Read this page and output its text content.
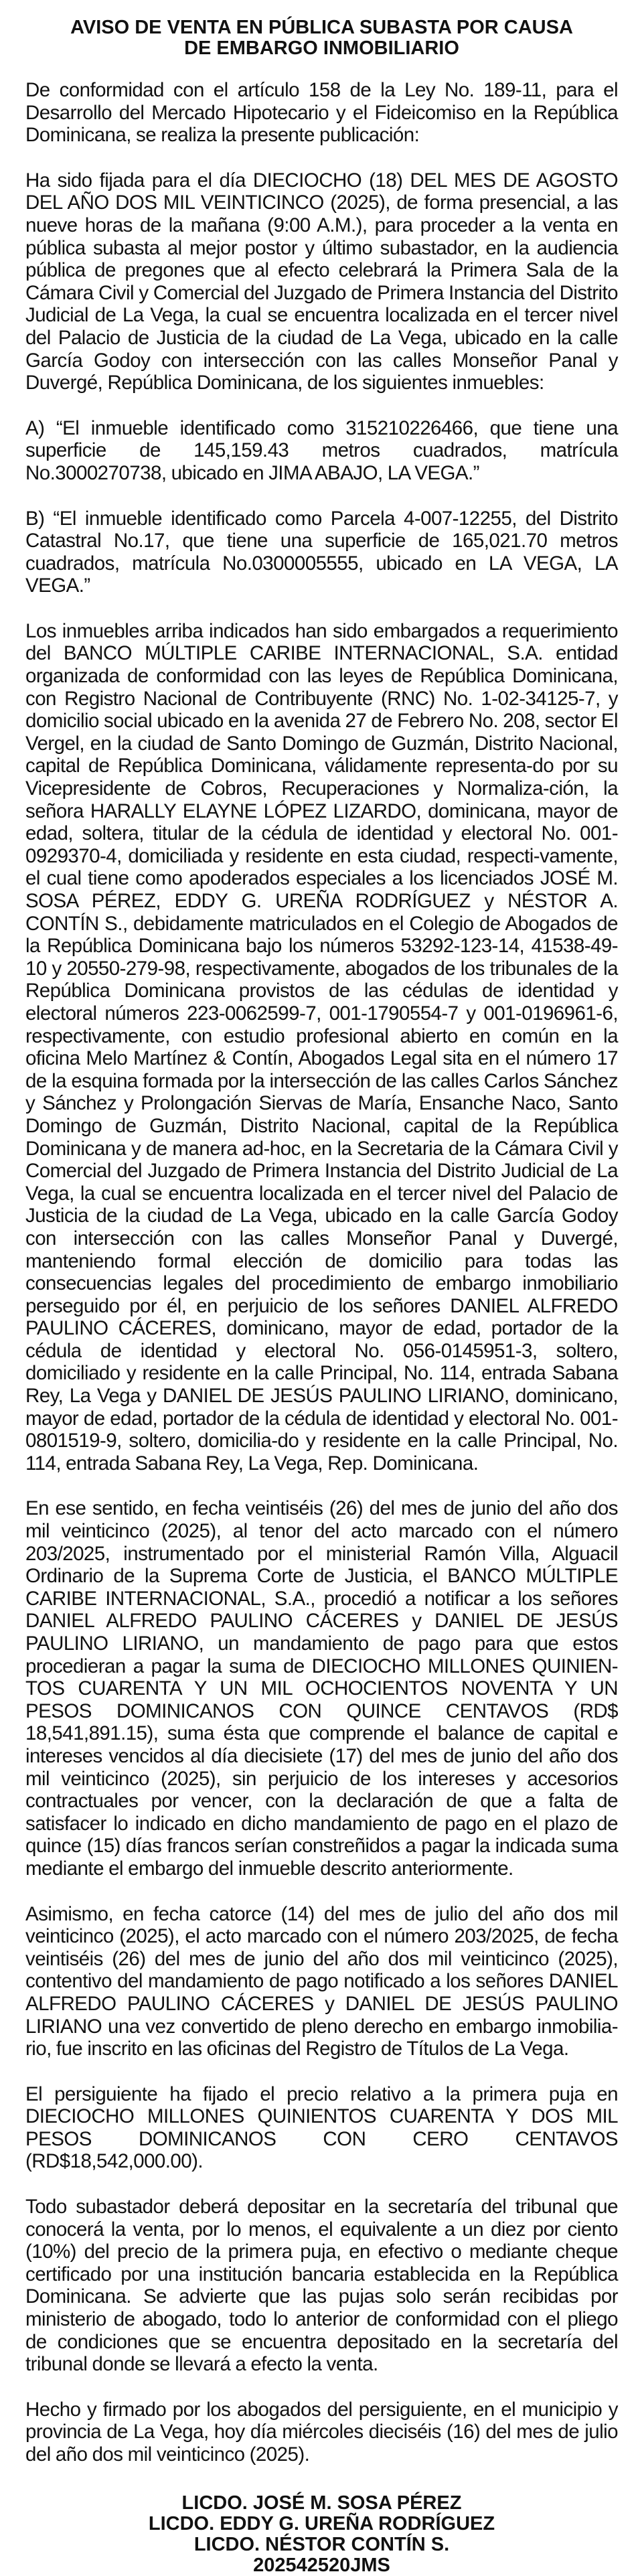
AVISO DE VENTA EN PÚBLICA SUBASTA POR CAUSA
DE EMBARGO INMOBILIARIO

De conformidad con el artículo 158 de la Ley No. 189-11, para el Desarrollo del Mercado Hipotecario y el Fideicomiso en la República Dominicana, se realiza la presente publicación:

Ha sido fijada para el día DIECIOCHO (18) DEL MES DE AGOSTO DEL AÑO DOS MIL VEINTICINCO (2025), de forma presencial, a las nueve horas de la mañana (9:00 A.M.), para proceder a la venta en pública subasta al mejor postor y último subastador, en la audiencia pública de pregones que al efecto celebrará la Primera Sala de la Cámara Civil y Comercial del Juzgado de Primera Instancia del Distrito Judicial de La Vega, la cual se encuentra localizada en el tercer nivel del Palacio de Justicia de la ciudad de La Vega, ubicado en la calle García Godoy con intersección con las calles Monseñor Panal y Duvergé, República Dominicana, de los siguientes inmuebles:

A) “El inmueble identificado como 315210226466, que tiene una superficie de 145,159.43 metros cuadrados, matrícula No.3000270738, ubicado en JIMA ABAJO, LA VEGA.”

B) “El inmueble identificado como Parcela 4-007-12255, del Distrito Catastral No.17, que tiene una superficie de 165,021.70 metros cuadrados, matrícula No.0300005555, ubicado en LA VEGA, LA VEGA.”

Los inmuebles arriba indicados han sido embargados a requerimiento del BANCO MÚLTIPLE CARIBE INTERNACIONAL, S.A. entidad organizada de conformidad con las leyes de República Dominicana, con Registro Nacional de Contribuyente (RNC) No. 1-02-34125-7, y domicilio social ubicado en la avenida 27 de Febrero No. 208, sector El Vergel, en la ciudad de Santo Domingo de Guzmán, Distrito Nacional, capital de República Dominicana, válidamente representa-do por su Vicepresidente de Cobros, Recuperaciones y Normaliza-ción, la señora HARALLY ELAYNE LÓPEZ LIZARDO, dominicana, mayor de edad, soltera, titular de la cédula de identidad y electoral No. 001-0929370-4, domiciliada y residente en esta ciudad, respecti-vamente, el cual tiene como apoderados especiales a los licenciados JOSÉ M. SOSA PÉREZ, EDDY G. UREÑA RODRÍGUEZ y NÉSTOR A. CONTÍN S., debidamente matriculados en el Colegio de Abogados de la República Dominicana bajo los números 53292-123-14, 41538-49-10 y 20550-279-98, respectivamente, abogados de los tribunales de la República Dominicana provistos de las cédulas de identidad y electoral números 223-0062599-7, 001-1790554-7 y 001-0196961-6, respectivamente, con estudio profesional abierto en común en la oficina Melo Martínez & Contín, Abogados Legal sita en el número 17 de la esquina formada por la intersección de las calles Carlos Sánchez y Sánchez y Prolongación Siervas de María, Ensanche Naco, Santo Domingo de Guzmán, Distrito Nacional, capital de la República Dominicana y de manera ad-hoc, en la Secretaria de la Cámara Civil y Comercial del Juzgado de Primera Instancia del Distrito Judicial de La Vega, la cual se encuentra localizada en el tercer nivel del Palacio de Justicia de la ciudad de La Vega, ubicado en la calle García Godoy con intersección con las calles Monseñor Panal y Duvergé, manteniendo formal elección de domicilio para todas las consecuencias legales del procedimiento de embargo inmobiliario perseguido por él, en perjuicio de los señores DANIEL ALFREDO PAULINO CÁCERES, dominicano, mayor de edad, portador de la cédula de identidad y electoral No. 056-0145951-3, soltero, domiciliado y residente en la calle Principal, No. 114, entrada Sabana Rey, La Vega y DANIEL DE JESÚS PAULINO LIRIANO, dominicano, mayor de edad, portador de la cédula de identidad y electoral No. 001-0801519-9, soltero, domicilia-do y residente en la calle Principal, No. 114, entrada Sabana Rey, La Vega, Rep. Dominicana.

En ese sentido, en fecha veintiséis (26) del mes de junio del año dos mil veinticinco (2025), al tenor del acto marcado con el número 203/2025, instrumentado por el ministerial Ramón Villa, Alguacil Ordinario de la Suprema Corte de Justicia, el BANCO MÚLTIPLE CARIBE INTERNACIONAL, S.A., procedió a notificar a los señores DANIEL ALFREDO PAULINO CÁCERES y DANIEL DE JESÚS PAULINO LIRIANO, un mandamiento de pago para que estos procedieran a pagar la suma de DIECIOCHO MILLONES QUINIEN-TOS CUARENTA Y UN MIL OCHOCIENTOS NOVENTA Y UN PESOS DOMINICANOS CON QUINCE CENTAVOS (RD$ 18,541,891.15), suma ésta que comprende el balance de capital e intereses vencidos al día diecisiete (17) del mes de junio del año dos mil veinticinco (2025), sin perjuicio de los intereses y accesorios contractuales por vencer, con la declaración de que a falta de satisfacer lo indicado en dicho mandamiento de pago en el plazo de quince (15) días francos serían constreñidos a pagar la indicada suma mediante el embargo del inmueble descrito anteriormente.

Asimismo, en fecha catorce (14) del mes de julio del año dos mil veinticinco (2025), el acto marcado con el número 203/2025, de fecha veintiséis (26) del mes de junio del año dos mil veinticinco (2025), contentivo del mandamiento de pago notificado a los señores DANIEL ALFREDO PAULINO CÁCERES y DANIEL DE JESÚS PAULINO LIRIANO una vez convertido de pleno derecho en embargo inmobilia-rio, fue inscrito en las oficinas del Registro de Títulos de La Vega.

El persiguiente ha fijado el precio relativo a la primera puja en DIECIOCHO MILLONES QUINIENTOS CUARENTA Y DOS MIL PESOS DOMINICANOS CON CERO CENTAVOS (RD$18,542,000.00).

Todo subastador deberá depositar en la secretaría del tribunal que conocerá la venta, por lo menos, el equivalente a un diez por ciento (10%) del precio de la primera puja, en efectivo o mediante cheque certificado por una institución bancaria establecida en la República Dominicana. Se advierte que las pujas solo serán recibidas por ministerio de abogado, todo lo anterior de conformidad con el pliego de condiciones que se encuentra depositado en la secretaría del tribunal donde se llevará a efecto la venta.

Hecho y firmado por los abogados del persiguiente, en el municipio y provincia de La Vega, hoy día miércoles dieciséis (16) del mes de julio del año dos mil veinticinco (2025).

LICDO. JOSÉ M. SOSA PÉREZ
LICDO. EDDY G. UREÑA RODRÍGUEZ
LICDO. NÉSTOR CONTÍN S.
202542520JMS
